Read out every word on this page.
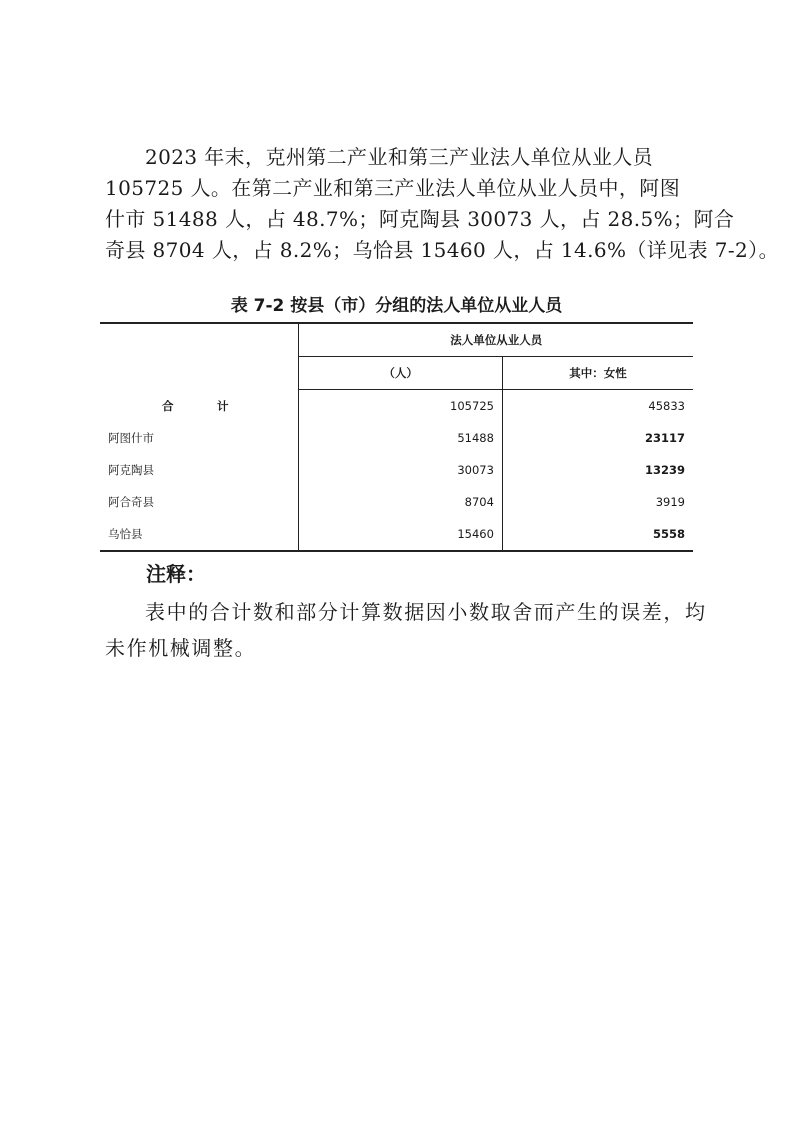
2023 年末，克州第二产业和第三产业法人单位从业人员
105725 人。在第二产业和第三产业法人单位从业人员中，阿图
什市 51488 人，占 48.7%；阿克陶县 30073 人，占 28.5%；阿合
奇县 8704 人，占 8.2%；乌恰县 15460 人，占 14.6%（详见表 7-2）。
表 7-2 按县（市）分组的法人单位从业人员
	法人单位从业人员	
	（人）	其中：女性
合　计	105725	45833
阿图什市	51488	23117
阿克陶县	30073	13239
阿合奇县	8704	3919
乌恰县	15460	5558
注释：
表中的合计数和部分计算数据因小数取舍而产生的误差，均
未作机械调整。
